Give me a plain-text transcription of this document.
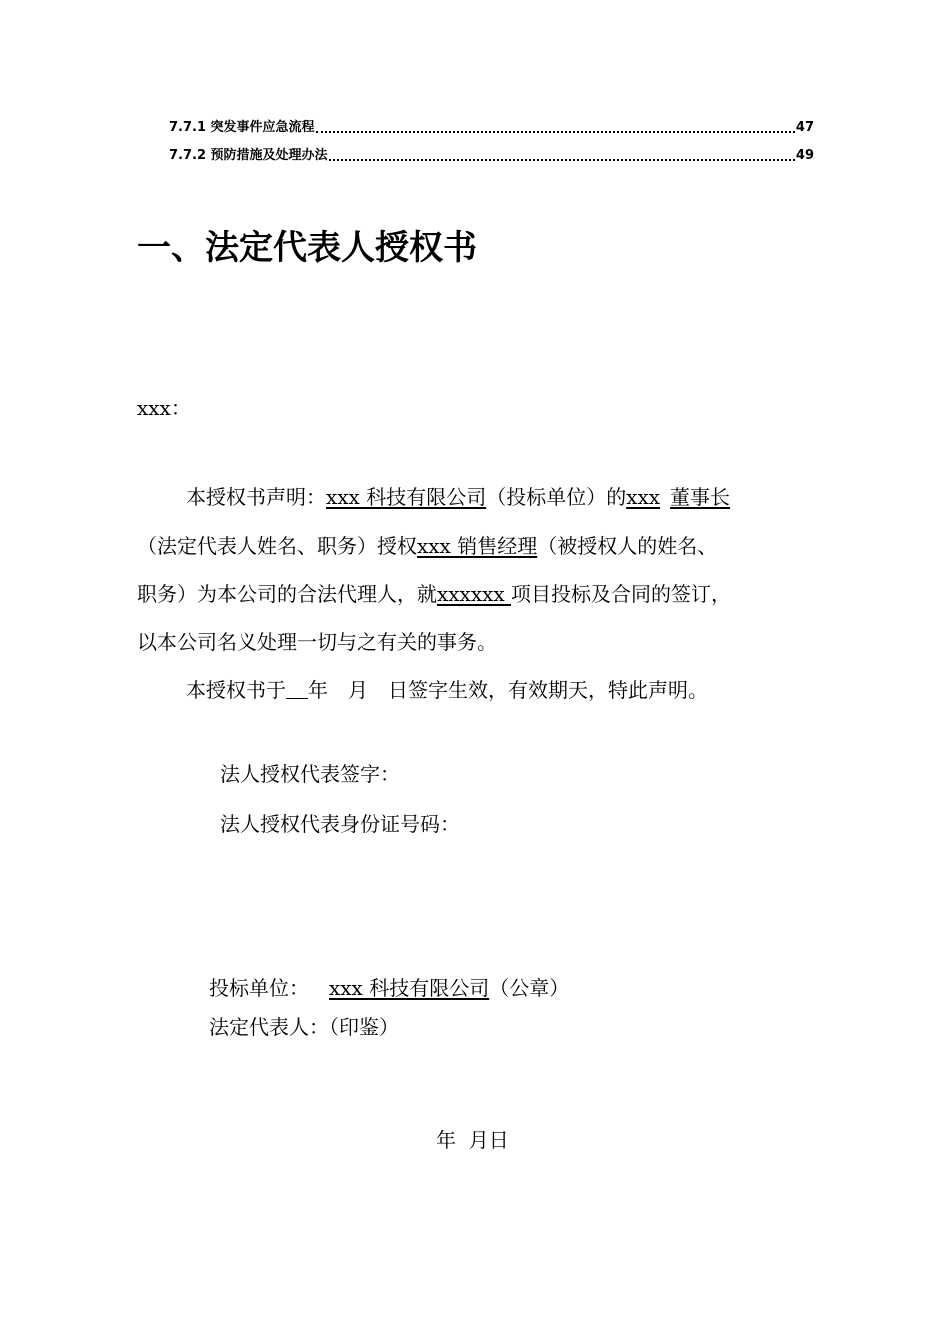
7.7.1 突发事件应急流程	47
7.7.2 预防措施及处理办法	49
一、法定代表人授权书
xxx：
本授权书声明：xxx 科技有限公司（投标单位）的xxx 董事长
（法定代表人姓名、职务）授权xxx 销售经理（被授权人的姓名、
职务）为本公司的合法代理人，就xxxxxx 项目投标及合同的签订，
以本公司名义处理一切与之有关的事务。
本授权书于 年 月 日签字生效，有效期天，特此声明。
法人授权代表签字：
法人授权代表身份证号码：
投标单位： xxx 科技有限公司（公章）
法定代表人：（印鉴）
年  月日
